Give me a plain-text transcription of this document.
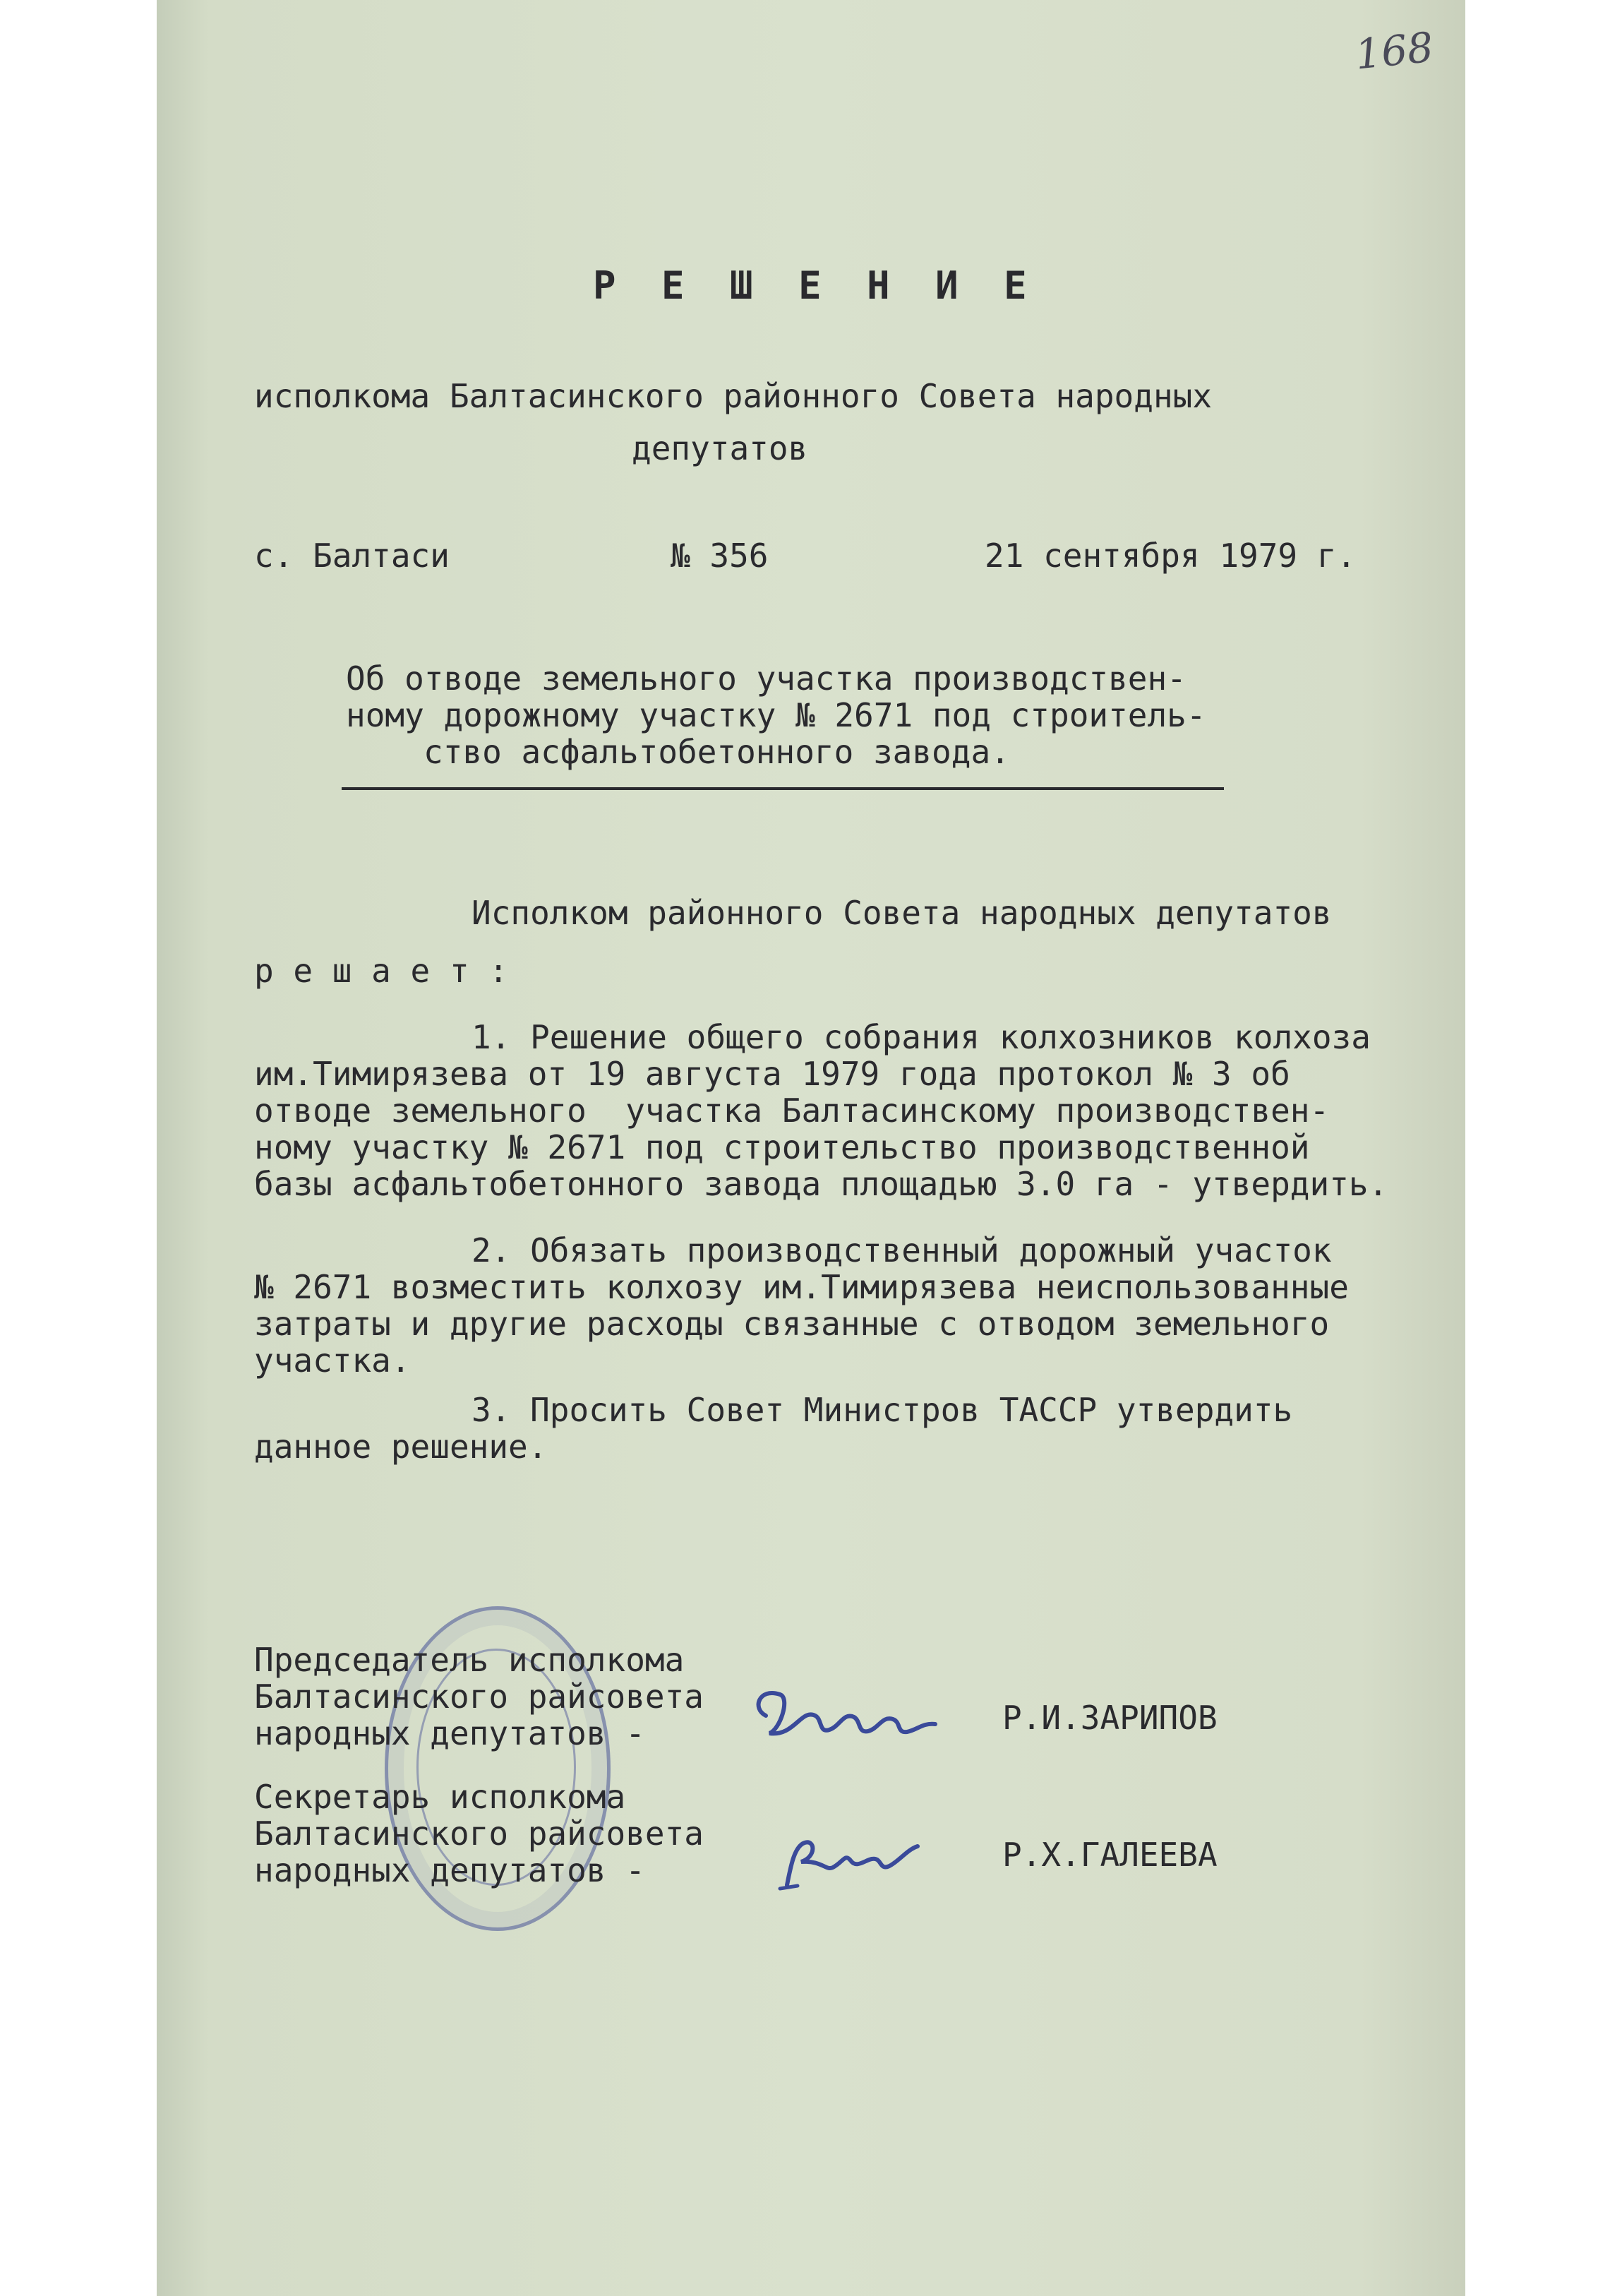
168
Р Е Ш Е Н И Е
исполкома Балтасинского районного Совета народных
депутатов
с. Балтаси	№ 356	21 сентября 1979 г.
Об отводе земельного участка производствен-
ному дорожному участку № 2671 под строитель-
ство асфальтобетонного завода.
Исполком районного Совета народных депутатов
р е ш а е т :
1. Решение общего собрания колхозников колхоза
им.Тимирязева от 19 августа 1979 года протокол № 3 об
отводе земельного  участка Балтасинскому производствен-
ному участку № 2671 под строительство производственной
базы асфальтобетонного завода площадью 3.0 га - утвердить.
2. Обязать производственный дорожный участок
№ 2671 возместить колхозу им.Тимирязева неиспользованные
затраты и другие расходы связанные с отводом земельного
участка.
3. Просить Совет Министров ТАССР утвердить
данное решение.
Председатель исполкома
Балтасинского райсовета
народных депутатов -	Р.И.ЗАРИПОВ
Секретарь исполкома
Балтасинского райсовета
народных депутатов -	Р.Х.ГАЛЕЕВА
